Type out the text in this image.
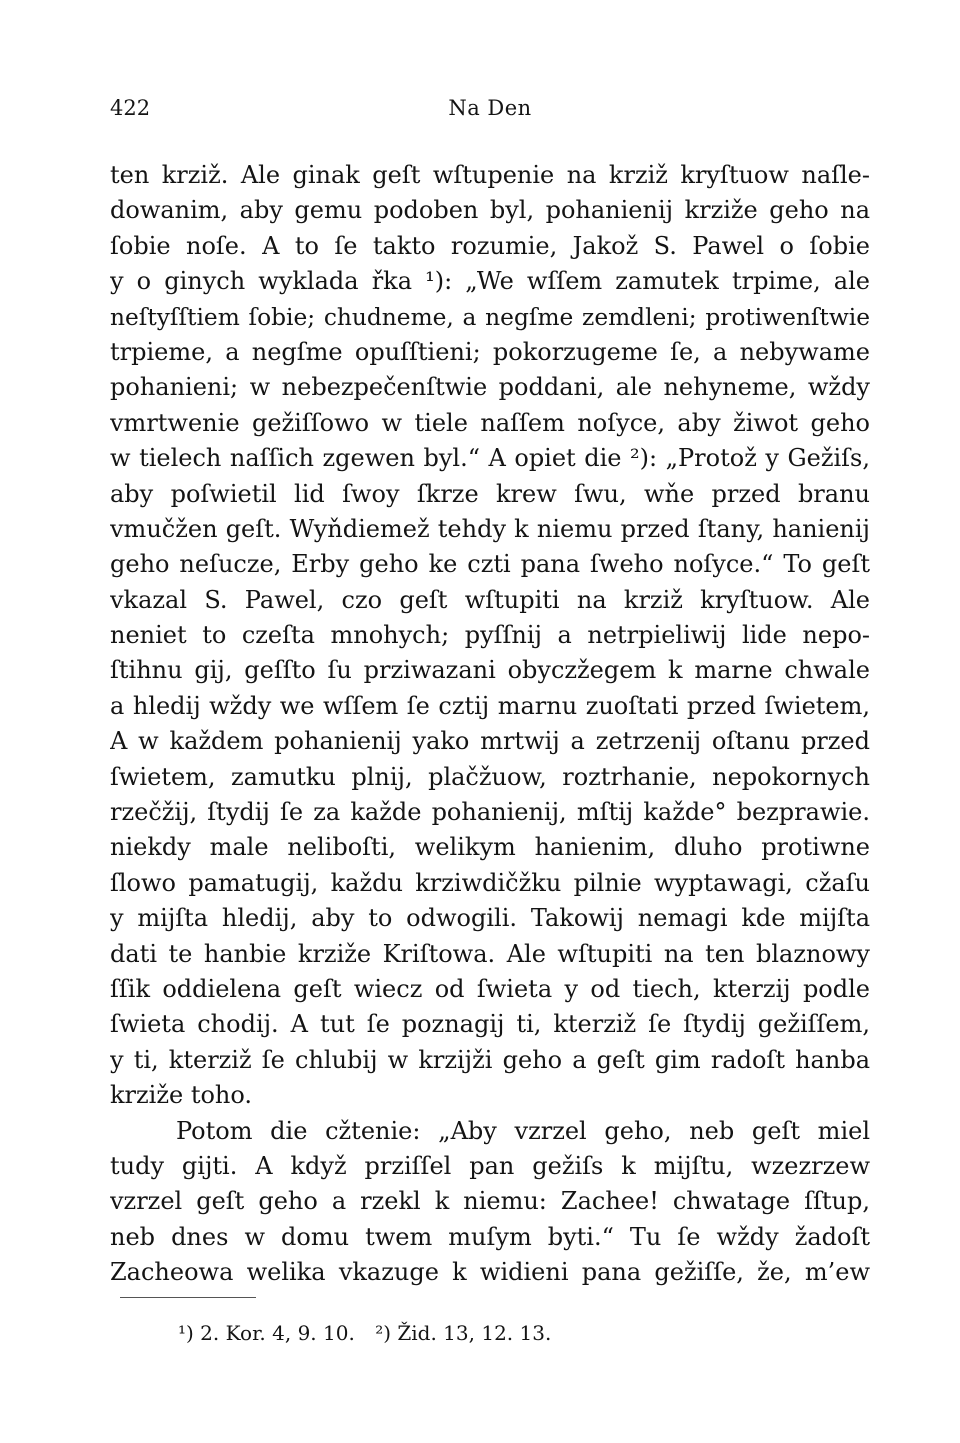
422	Na Den
ten krziž. Ale ginak geſt wſtupenie na krziž kryſtuow naſle-
dowanim, aby gemu podoben byl, pohanienij krziže geho na
ſobie noſe. A to ſe takto rozumie, Jakož S. Pawel o ſobie
y o ginych wyklada řka ¹): „We wſſem zamutek trpime, ale
neſtyſſtiem ſobie; chudneme, a negſme zemdleni; protiwenſtwie
trpieme, a negſme opuſſtieni; pokorzugeme ſe, a nebywame
pohanieni; w nebezpečenſtwie poddani, ale nehyneme, wždy
vmrtwenie gežiſſowo w tiele naſſem noſyce, aby žiwot geho
w tielech naſſich zgewen byl.“ A opiet die ²): „Protož y Gežiſs,
aby poſwietil lid ſwoy ſkrze krew ſwu, wňe przed branu
vmučžen geſt. Wyňdiemež tehdy k niemu przed ſtany, hanienij
geho neſucze, Erby geho ke czti pana ſweho noſyce.“ To geſt
vkazal S. Pawel, czo geſt wſtupiti na krziž kryſtuow. Ale
neniet to czeſta mnohych; pyſſnij a netrpieliwij lide nepo-
ſtihnu gij, geſſto ſu prziwazani obyczžegem k marne chwale
a hledij wždy we wſſem ſe cztij marnu zuoſtati przed ſwietem,
A w každem pohanienij yako mrtwij a zetrzenij oſtanu przed
ſwietem, zamutku plnij, plačžuow, roztrhanie, nepokornych
rzečžij, ſtydij ſe za každe pohanienij, mſtij každe° bezprawie.
niekdy male neliboſti, welikym hanienim, dluho protiwne
ſlowo pamatugij, každu krziwdičžku pilnie wyptawagi, cžaſu
y mijſta hledij, aby to odwogili. Takowij nemagi kde mijſta
dati te hanbie krziže Kriſtowa. Ale wſtupiti na ten blaznowy
ſſik oddielena geſt wiecz od ſwieta y od tiech, kterzij podle
ſwieta chodij. A tut ſe poznagij ti, kterziž ſe ſtydij gežiſſem,
y ti, kterziž ſe chlubij w krzijži geho a geſt gim radoſt hanba
krziže toho.
Potom die cžtenie: „Aby vzrzel geho, neb geſt miel
tudy gijti. A když prziſſel pan gežiſs k mijſtu, wzezrzew
vzrzel geſt geho a rzekl k niemu: Zachee! chwatage ſſtup,
neb dnes w domu twem muſym byti.“ Tu ſe wždy žadoſt
Zacheowa welika vkazuge k widieni pana gežiſſe, že, m’ew
¹) 2. Kor. 4, 9. 10. ²) Žid. 13, 12. 13.
